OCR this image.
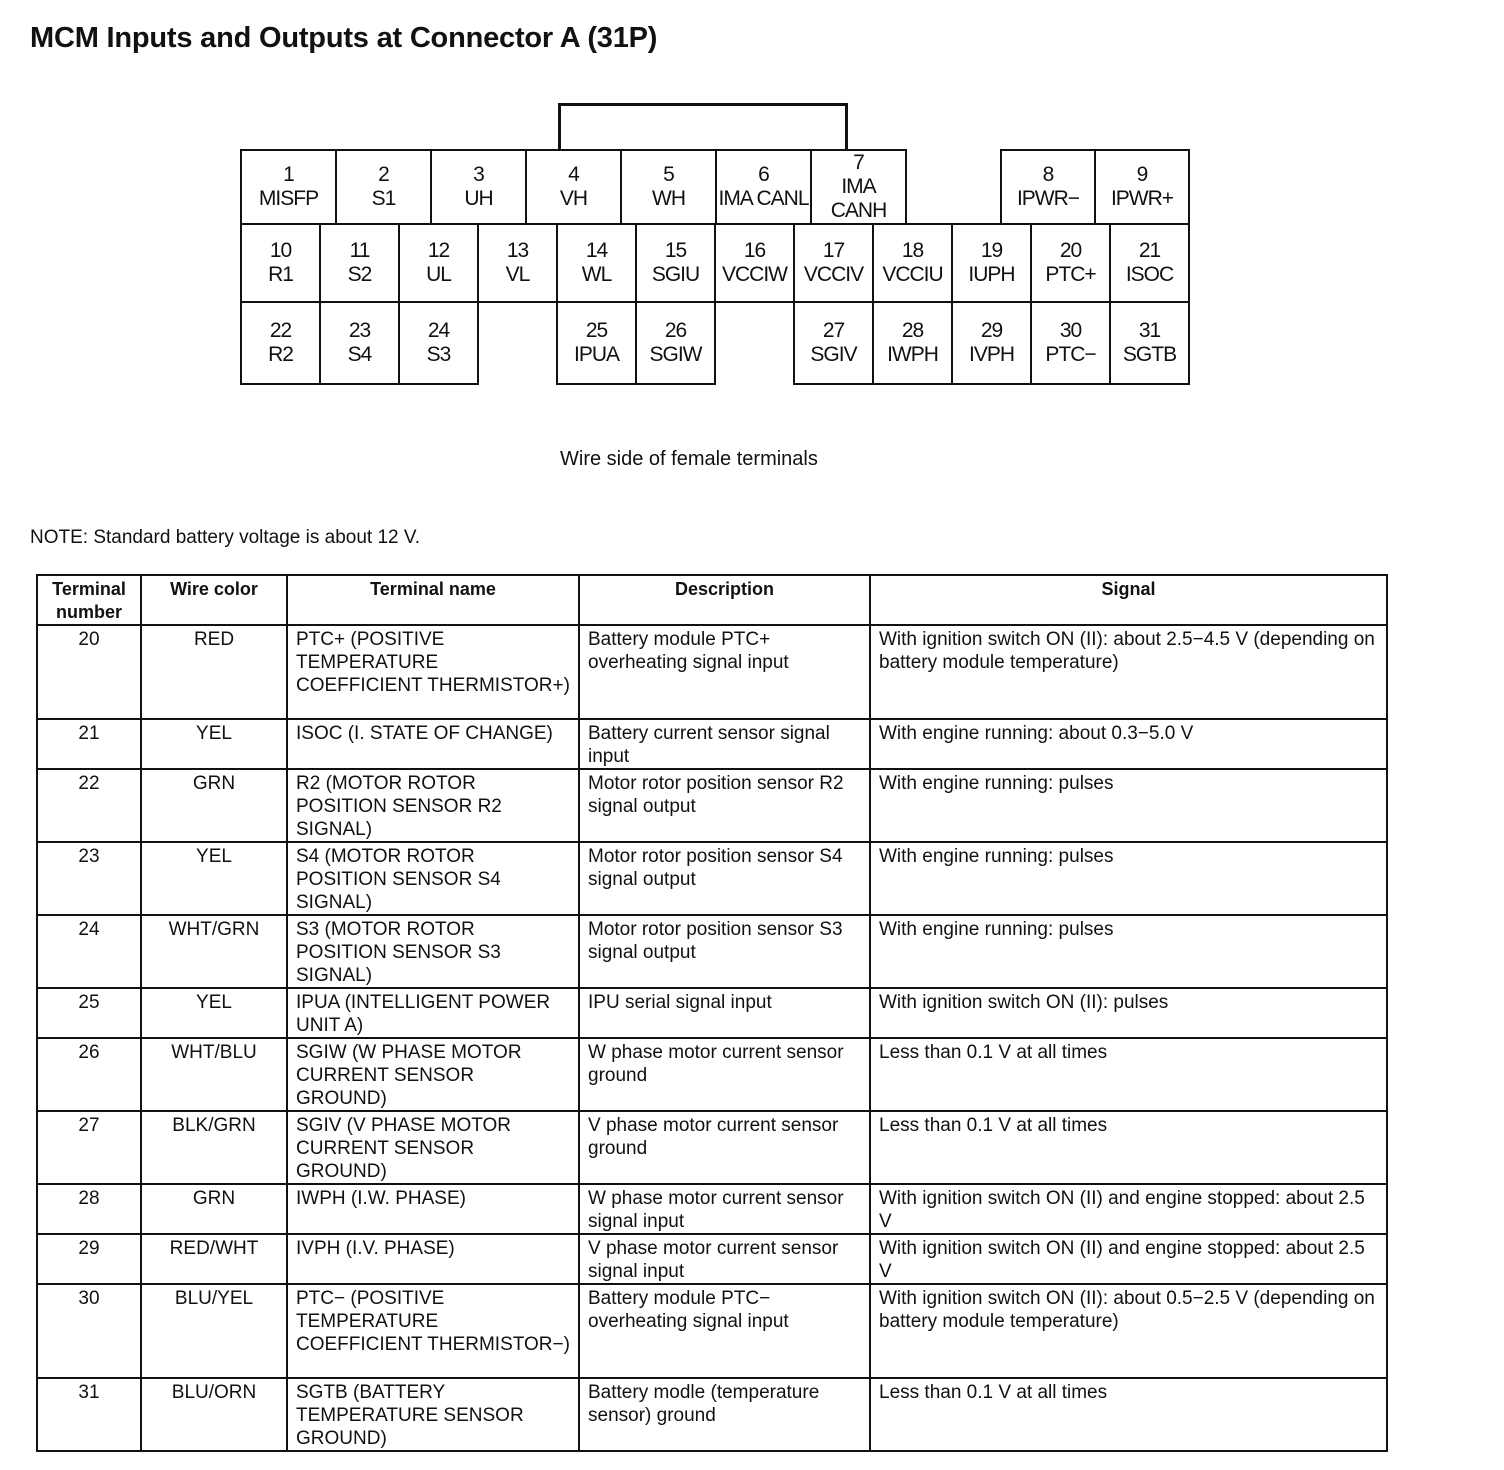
MCM Inputs and Outputs at Connector A (31P)
1
MISFP
2
S1
3
UH
4
VH
5
WH
6
IMA CANL
7
IMA CANH
8
IPWR−
9
IPWR+
10
R1
11
S2
12
UL
13
VL
14
WL
15
SGIU
16
VCCIW
17
VCCIV
18
VCCIU
19
IUPH
20
PTC+
21
ISOC
22
R2
23
S4
24
S3
25
IPUA
26
SGIW
27
SGIV
28
IWPH
29
IVPH
30
PTC−
31
SGTB
Wire side of female terminals
NOTE: Standard battery voltage is about 12 V.
Terminal number	Wire color	Terminal name	Description	Signal
20	RED	PTC+ (POSITIVE TEMPERATURE COEFFICIENT THERMISTOR+)	Battery module PTC+ overheating signal input	With ignition switch ON (II): about 2.5−4.5 V (depending on battery module temperature)
21	YEL	ISOC (I. STATE OF CHANGE)	Battery current sensor signal input	With engine running: about 0.3−5.0 V
22	GRN	R2 (MOTOR ROTOR POSITION SENSOR R2 SIGNAL)	Motor rotor position sensor R2 signal output	With engine running: pulses
23	YEL	S4 (MOTOR ROTOR POSITION SENSOR S4 SIGNAL)	Motor rotor position sensor S4 signal output	With engine running: pulses
24	WHT/GRN	S3 (MOTOR ROTOR POSITION SENSOR S3 SIGNAL)	Motor rotor position sensor S3 signal output	With engine running: pulses
25	YEL	IPUA (INTELLIGENT POWER UNIT A)	IPU serial signal input	With ignition switch ON (II): pulses
26	WHT/BLU	SGIW (W PHASE MOTOR CURRENT SENSOR GROUND)	W phase motor current sensor ground	Less than 0.1 V at all times
27	BLK/GRN	SGIV (V PHASE MOTOR CURRENT SENSOR GROUND)	V phase motor current sensor ground	Less than 0.1 V at all times
28	GRN	IWPH (I.W. PHASE)	W phase motor current sensor signal input	With ignition switch ON (II) and engine stopped: about 2.5 V
29	RED/WHT	IVPH (I.V. PHASE)	V phase motor current sensor signal input	With ignition switch ON (II) and engine stopped: about 2.5 V
30	BLU/YEL	PTC− (POSITIVE TEMPERATURE COEFFICIENT THERMISTOR−)	Battery module PTC− overheating signal input	With ignition switch ON (II): about 0.5−2.5 V (depending on battery module temperature)
31	BLU/ORN	SGTB (BATTERY TEMPERATURE SENSOR GROUND)	Battery modle (temperature sensor) ground	Less than 0.1 V at all times
